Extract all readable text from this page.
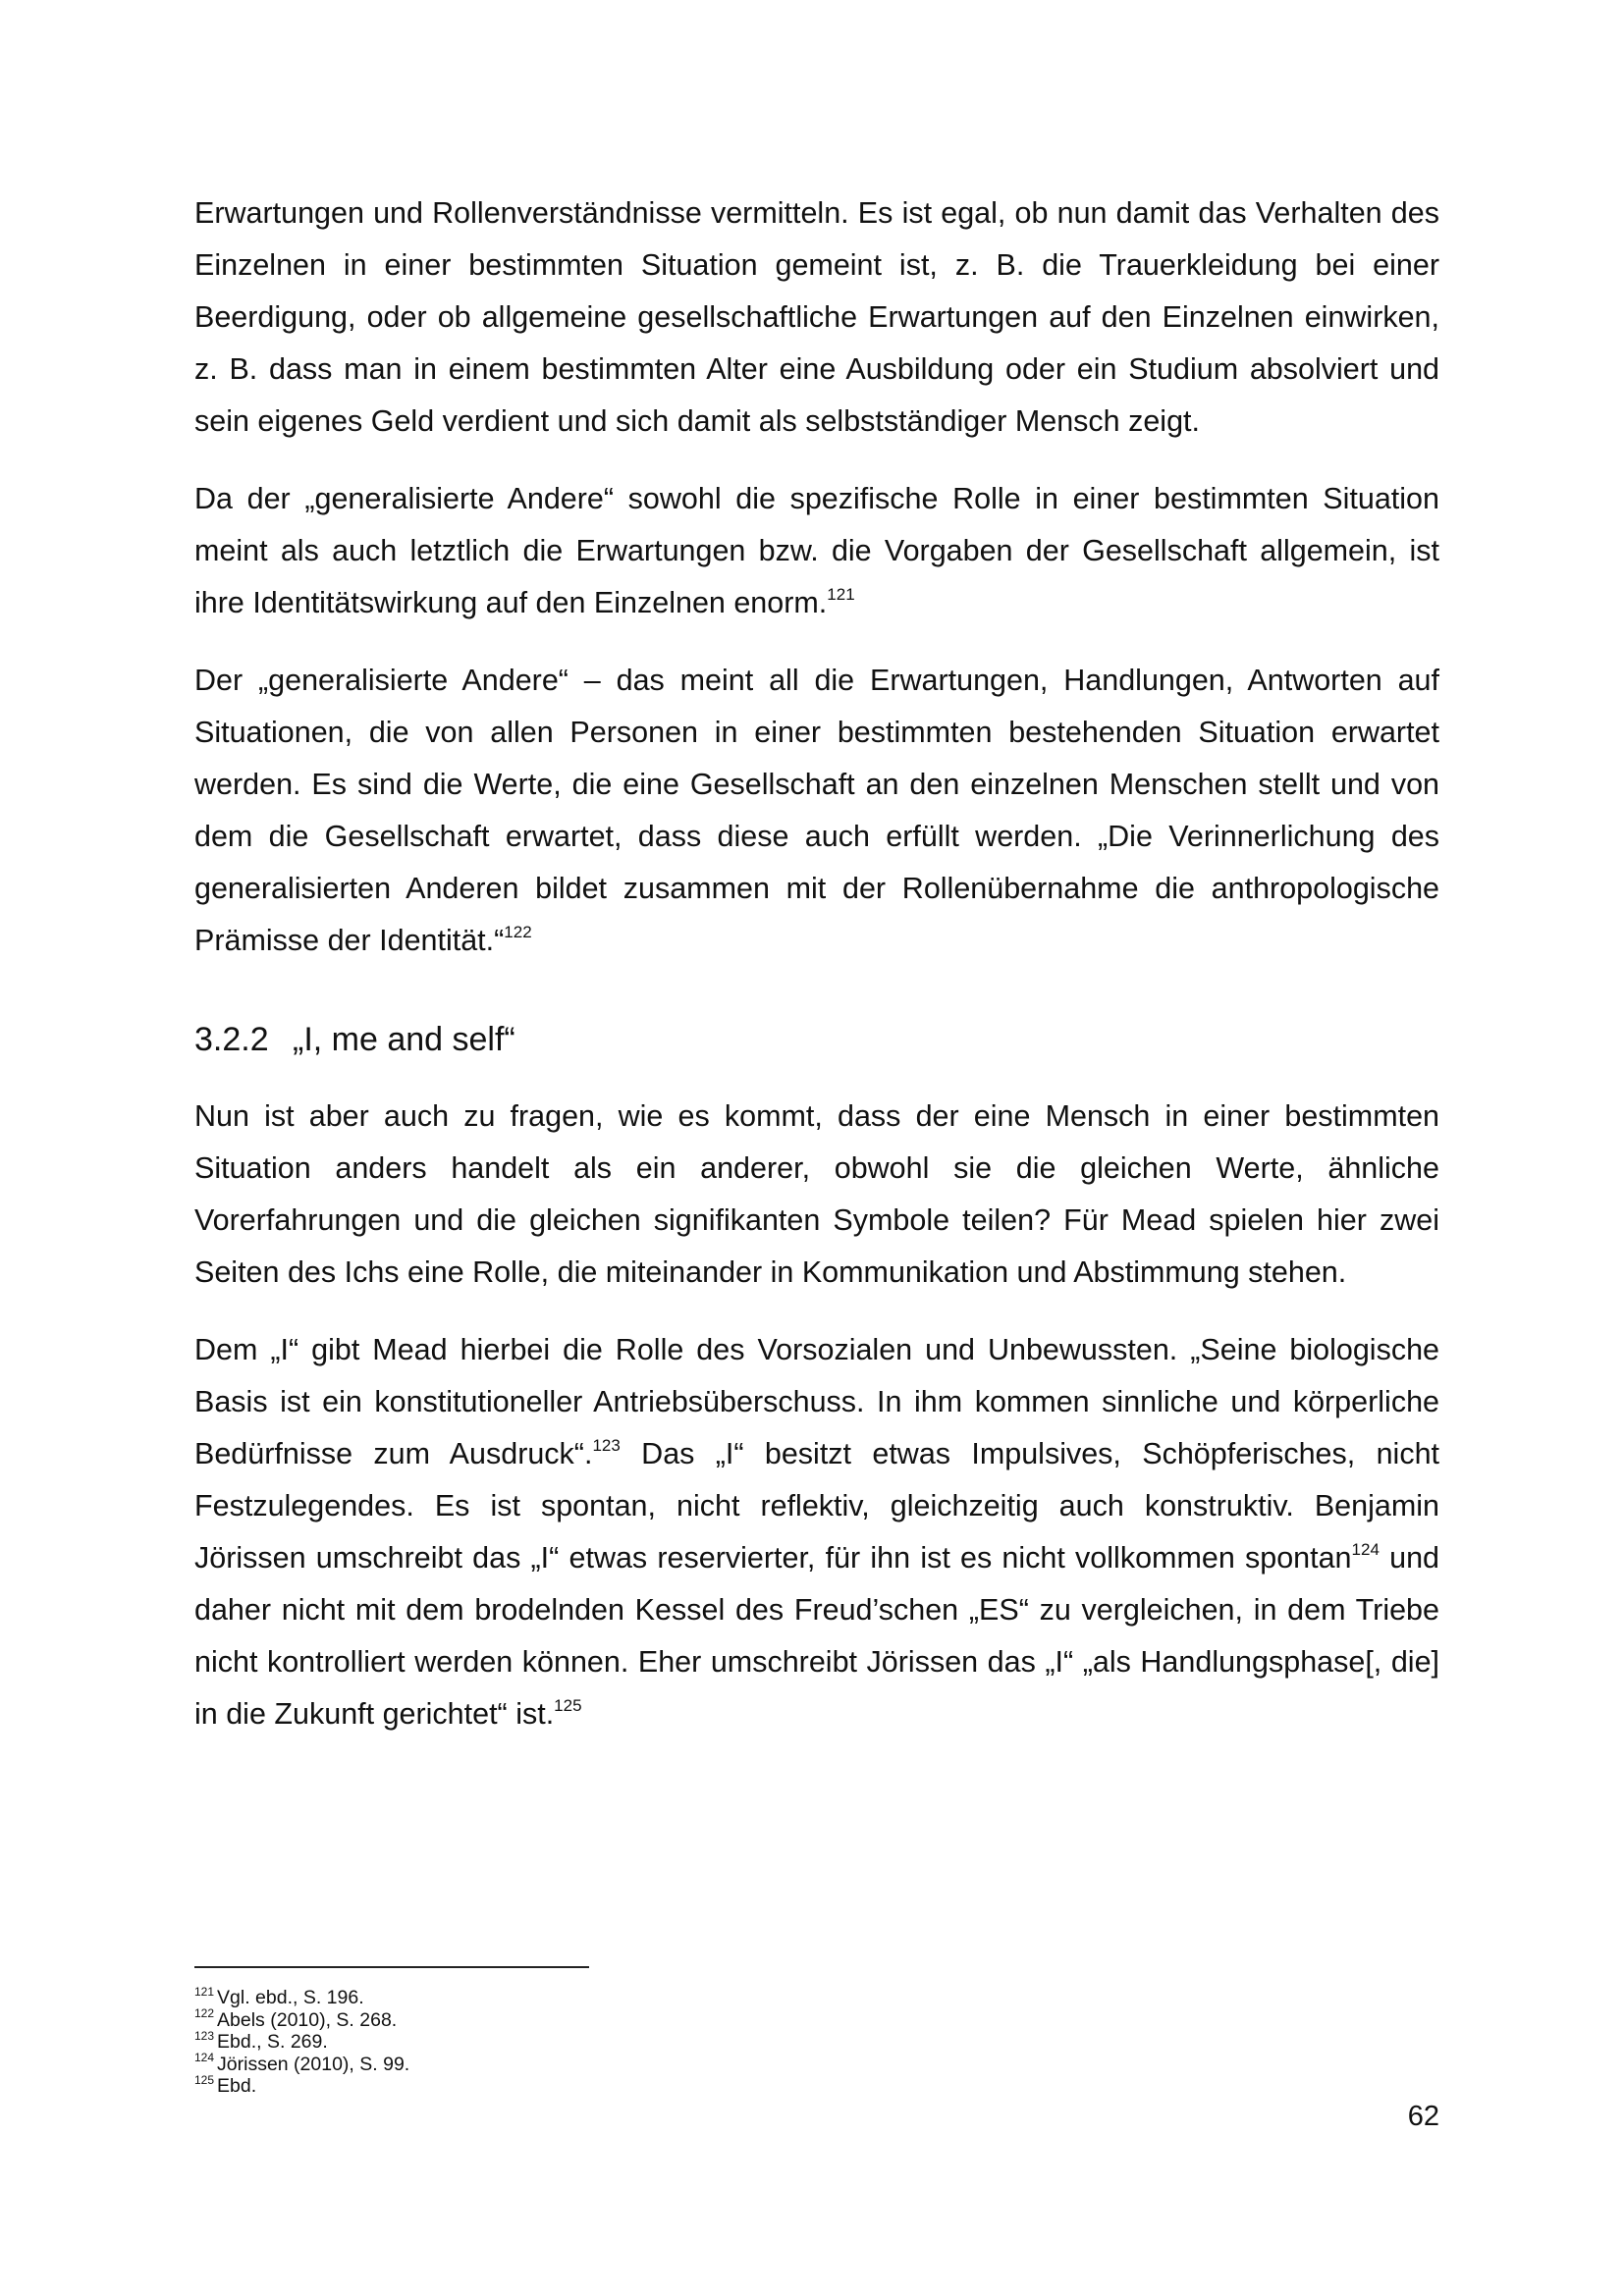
Erwartungen und Rollenverständnisse vermitteln. Es ist egal, ob nun damit das Verhalten des Einzelnen in einer bestimmten Situation gemeint ist, z. B. die Trauerkleidung bei einer Beerdigung, oder ob allgemeine gesellschaftliche Erwartungen auf den Einzelnen einwirken, z. B. dass man in einem bestimmten Alter eine Ausbildung oder ein Studium absolviert und sein eigenes Geld verdient und sich damit als selbstständiger Mensch zeigt.

Da der „generalisierte Andere“ sowohl die spezifische Rolle in einer bestimmten Situation meint als auch letztlich die Erwartungen bzw. die Vorgaben der Gesellschaft allgemein, ist ihre Identitätswirkung auf den Einzelnen enorm.$^{121}$

Der „generalisierte Andere“ – das meint all die Erwartungen, Handlungen, Antworten auf Situationen, die von allen Personen in einer bestimmten bestehenden Situation erwartet werden. Es sind die Werte, die eine Gesellschaft an den einzelnen Menschen stellt und von dem die Gesellschaft erwartet, dass diese auch erfüllt werden. „Die Verinnerlichung des generalisierten Anderen bildet zusammen mit der Rollenübernahme die anthropologische Prämisse der Identität.“$^{122}$

3.2.2 „I, me and self“

Nun ist aber auch zu fragen, wie es kommt, dass der eine Mensch in einer bestimmten Situation anders handelt als ein anderer, obwohl sie die gleichen Werte, ähnliche Vorerfahrungen und die gleichen signifikanten Symbole teilen? Für Mead spielen hier zwei Seiten des Ichs eine Rolle, die miteinander in Kommunikation und Abstimmung stehen.

Dem „I“ gibt Mead hierbei die Rolle des Vorsozialen und Unbewussten. „Seine biologische Basis ist ein konstitutioneller Antriebsüberschuss. In ihm kommen sinnliche und körperliche Bedürfnisse zum Ausdruck“.$^{123}$ Das „I“ besitzt etwas Impulsives, Schöpferisches, nicht Festzulegendes. Es ist spontan, nicht reflektiv, gleichzeitig auch konstruktiv. Benjamin Jörissen umschreibt das „I“ etwas reservierter, für ihn ist es nicht vollkommen spontan$^{124}$ und daher nicht mit dem brodelnden Kessel des Freud’schen „ES“ zu vergleichen, in dem Triebe nicht kontrolliert werden können. Eher umschreibt Jörissen das „I“ „als Handlungsphase[, die] in die Zukunft gerichtet“ ist.$^{125}$

$^{121}$ Vgl. ebd., S. 196.
$^{122}$ Abels (2010), S. 268.
$^{123}$ Ebd., S. 269.
$^{124}$ Jörissen (2010), S. 99.
$^{125}$ Ebd.
62
